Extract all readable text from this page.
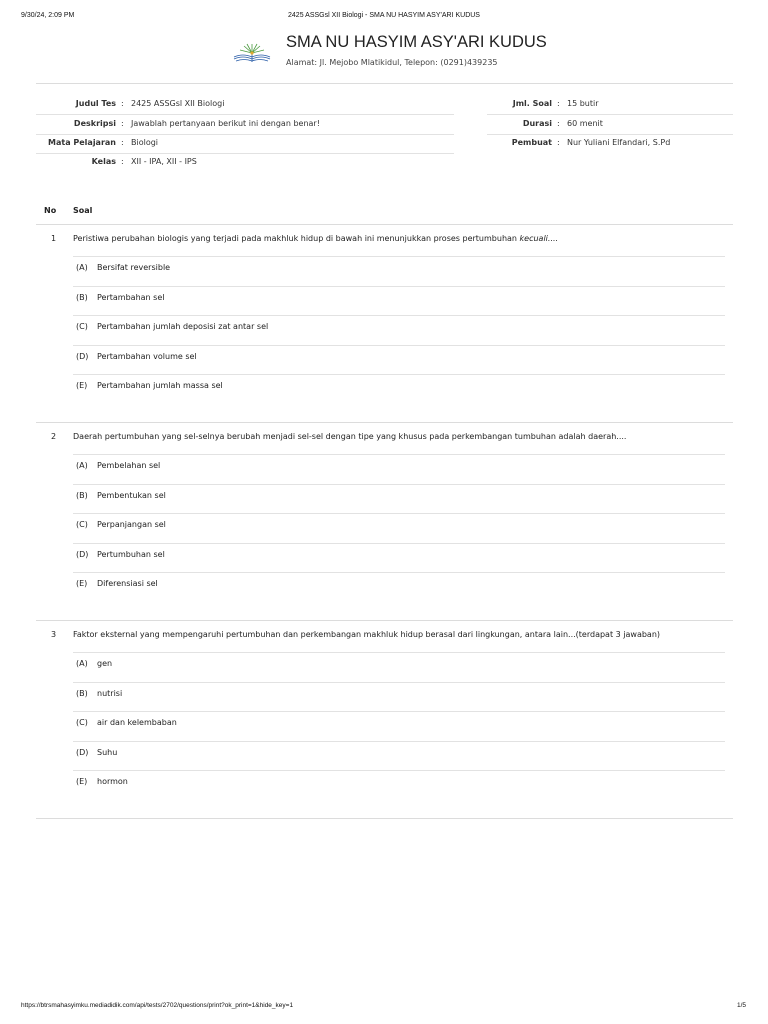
9/30/24, 2:09 PM	2425 ASSGsl XII Biologi - SMA NU HASYIM ASY'ARI KUDUS
SMA NU HASYIM ASY'ARI KUDUS
Alamat: Jl. Mejobo Mlatikidul, Telepon: (0291)439235
Judul Tes : 2425 ASSGsl XII Biologi
Deskripsi : Jawablah pertanyaan berikut ini dengan benar!
Mata Pelajaran : Biologi
Kelas : XII - IPA, XII - IPS
Jml. Soal : 15 butir
Durasi : 60 menit
Pembuat : Nur Yuliani Elfandari, S.Pd
No Soal
1 Peristiwa perubahan biologis yang terjadi pada makhluk hidup di bawah ini menunjukkan proses pertumbuhan kecuali....
(A) Bersifat reversible
(B) Pertambahan sel
(C) Pertambahan jumlah deposisi zat antar sel
(D) Pertambahan volume sel
(E) Pertambahan jumlah massa sel
2 Daerah pertumbuhan yang sel-selnya berubah menjadi sel-sel dengan tipe yang khusus pada perkembangan tumbuhan adalah daerah....
(A) Pembelahan sel
(B) Pembentukan sel
(C) Perpanjangan sel
(D) Pertumbuhan sel
(E) Diferensiasi sel
3 Faktor eksternal yang mempengaruhi pertumbuhan dan perkembangan makhluk hidup berasal dari lingkungan, antara lain...(terdapat 3 jawaban)
(A) gen
(B) nutrisi
(C) air dan kelembaban
(D) Suhu
(E) hormon
https://btrsmahasyimku.mediadidik.com/api/tests/2702/questions/print?ok_print=1&hide_key=1	1/5
